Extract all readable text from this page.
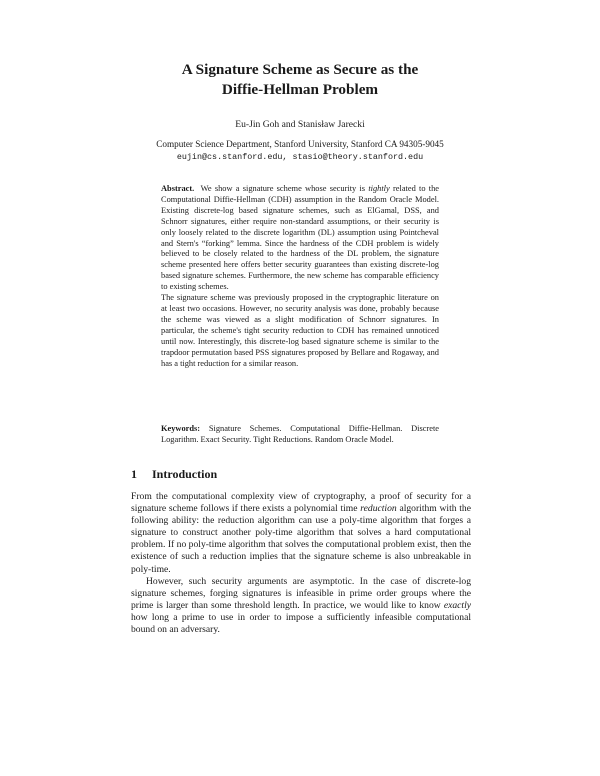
A Signature Scheme as Secure as the
Diffie-Hellman Problem
Eu-Jin Goh and Stanisław Jarecki
Computer Science Department, Stanford University, Stanford CA 94305-9045
eujin@cs.stanford.edu, stasio@theory.stanford.edu

Abstract. We show a signature scheme whose security is tightly related to the Computational Diffie-Hellman (CDH) assumption in the Random Oracle Model. Existing discrete-log based signature schemes, such as ElGamal, DSS, and Schnorr signatures, either require non-standard assumptions, or their security is only loosely related to the discrete logarithm (DL) assumption using Pointcheval and Stern's “forking” lemma. Since the hardness of the CDH problem is widely believed to be closely related to the hardness of the DL problem, the signature scheme presented here offers better security guarantees than existing discrete-log based signature schemes. Furthermore, the new scheme has comparable efficiency to existing schemes.

The signature scheme was previously proposed in the cryptographic literature on at least two occasions. However, no security analysis was done, probably because the scheme was viewed as a slight modification of Schnorr signatures. In particular, the scheme's tight security reduction to CDH has remained unnoticed until now. Interestingly, this discrete-log based signature scheme is similar to the trapdoor permutation based PSS signatures proposed by Bellare and Rogaway, and has a tight reduction for a similar reason.

Keywords: Signature Schemes. Computational Diffie-Hellman. Discrete Logarithm. Exact Security. Tight Reductions. Random Oracle Model.
1 Introduction

From the computational complexity view of cryptography, a proof of security for a signature scheme follows if there exists a polynomial time reduction algorithm with the following ability: the reduction algorithm can use a poly-time algorithm that forges a signature to construct another poly-time algorithm that solves a hard computational problem. If no poly-time algorithm that solves the computational problem exist, then the existence of such a reduction implies that the signature scheme is also unbreakable in poly-time.

However, such security arguments are asymptotic. In the case of discrete-log signature schemes, forging signatures is infeasible in prime order groups where the prime is larger than some threshold length. In practice, we would like to know exactly how long a prime to use in order to impose a sufficiently infeasible computational bound on an adversary.
